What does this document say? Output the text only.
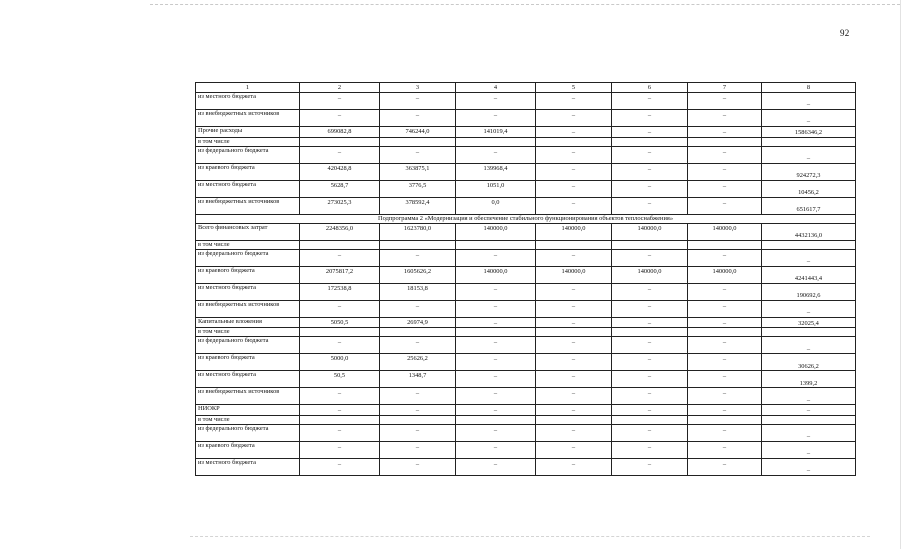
92
1	2	3	4	5	6	7	8
из местного бюджета	–	–	–	–	–	–	–
из внебюджетных источников	–	–	–	–	–	–	–
Прочие расходы	699082,8	746244,0	141019,4	–	–	–	1586346,2
в том числе							
из федерального бюджета	–	–	–	–	–	–	–
из краевого бюджета	420428,8	363875,1	139968,4	–	–	–	924272,3
из местного бюджета	5628,7	3776,5	1051,0	–	–	–	10456,2
из внебюджетных источников	273025,3	378592,4	0,0	–	–	–	651617,7
Подпрограмма 2 «Модернизация и обеспечение стабильного функционирования объектов теплоснабжения»							
Всего финансовых затрат	2248356,0	1623780,0	140000,0	140000,0	140000,0	140000,0	4432136,0
в том числе							
из федерального бюджета	–	–	–	–	–	–	–
из краевого бюджета	2075817,2	1605626,2	140000,0	140000,0	140000,0	140000,0	4241443,4
из местного бюджета	172538,8	18153,8	–	–	–	–	190692,6
из внебюджетных источников	–	–	–	–	–	–	–
Капитальные вложения	5050,5	26974,9	–	–	–	–	32025,4
в том числе							
из федерального бюджета	–	–	–	–	–	–	–
из краевого бюджета	5000,0	25626,2	–	–	–	–	30626,2
из местного бюджета	50,5	1348,7	–	–	–	–	1399,2
из внебюджетных источников	–	–	–	–	–	–	–
НИОКР	–	–	–	–	–	–	–
в том числе							
из федерального бюджета	–	–	–	–	–	–	–
из краевого бюджета	–	–	–	–	–	–	–
из местного бюджета	–	–	–	–	–	–	–
